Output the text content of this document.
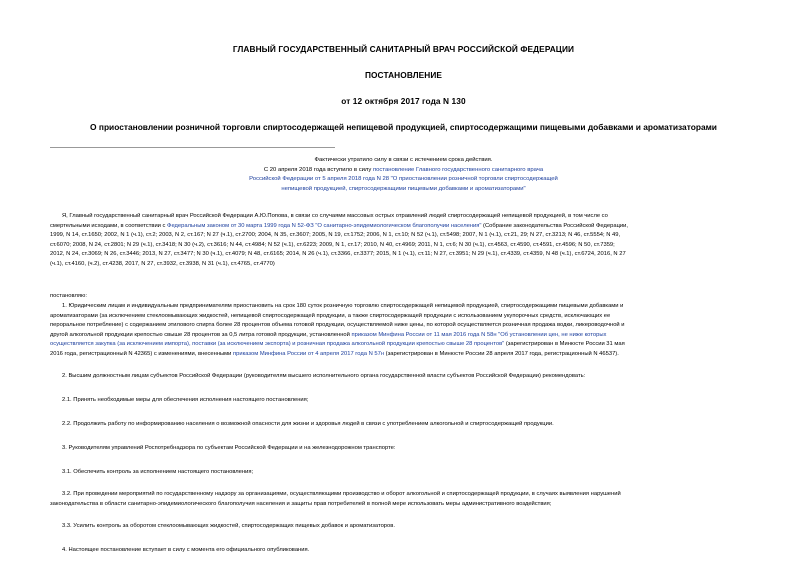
ГЛАВНЫЙ ГОСУДАРСТВЕННЫЙ САНИТАРНЫЙ ВРАЧ РОССИЙСКОЙ ФЕДЕРАЦИИ
ПОСТАНОВЛЕНИЕ
от 12 октября 2017 года N 130
О приостановлении розничной торговли спиртосодержащей непищевой продукцией, спиртосодержащими пищевыми добавками и ароматизаторами
Фактически утратило силу в связи с истечением срока действия.
С 20 апреля 2018 года вступило в силу постановление Главного государственного санитарного врача
Российской Федерации от 5 апреля 2018 года N 28 "О приостановлении розничной торговли спиртосодержащей
непищевой продукцией, спиртосодержащими пищевыми добавками и ароматизаторами"
Я, Главный государственный санитарный врач Российской Федерации А.Ю.Попова, в связи со случаями массовых острых отравлений людей спиртосодержащей непищевой продукцией, в том числе со
смертельными исходами, в соответствии с Федеральным законом от 30 марта 1999 года N 52-ФЗ "О санитарно-эпидемиологическом благополучии населения" (Собрание законодательства Российской Федерации,
1999, N 14, ст.1650; 2002, N 1 (ч.1), ст.2; 2003, N 2, ст.167; N 27 (ч.1), ст.2700; 2004, N 35, ст.3607; 2005, N 19, ст.1752; 2006, N 1, ст.10; N 52 (ч.1), ст.5498; 2007, N 1 (ч.1), ст.21, 29; N 27, ст.3213; N 46, ст.5554; N 49,
ст.6070; 2008, N 24, ст.2801; N 29 (ч.1), ст.3418; N 30 (ч.2), ст.3616; N 44, ст.4984; N 52 (ч.1), ст.6223; 2009, N 1, ст.17; 2010, N 40, ст.4969; 2011, N 1, ст.6; N 30 (ч.1), ст.4563, ст.4590, ст.4591, ст.4596; N 50, ст.7359;
2012, N 24, ст.3069; N 26, ст.3446; 2013, N 27, ст.3477; N 30 (ч.1), ст.4079; N 48, ст.6165; 2014, N 26 (ч.1), ст.3366, ст.3377; 2015, N 1 (ч.1), ст.11; N 27, ст.3951; N 29 (ч.1), ст.4339, ст.4359, N 48 (ч.1), ст.6724, 2016, N 27
(ч.1), ст.4160, (ч.2), ст.4238, 2017, N 27, ст.3932, ст.3938, N 31 (ч.1), ст.4765, ст.4770)
постановляю:
1. Юридическим лицам и индивидуальным предпринимателям приостановить на срок 180 суток розничную торговлю спиртосодержащей непищевой продукцией, спиртосодержащими пищевыми добавками и
ароматизаторами (за исключением стеклоомывающих жидкостей, непищевой спиртосодержащей продукции, а также спиртосодержащей продукции с использованием укупорочных средств, исключающих ее
пероральное потребление) с содержанием этилового спирта более 28 процентов объема готовой продукции, осуществляемой ниже цены, по которой осуществляется розничная продажа водки, ликероводочной и
другой алкогольной продукции крепостью свыше 28 процентов за 0,5 литра готовой продукции, установленной приказом Минфина России от 11 мая 2016 года N 58н "Об установлении цен, не ниже которых
осуществляется закупка (за исключением импорта), поставки (за исключением экспорта) и розничная продажа алкогольной продукции крепостью свыше 28 процентов" (зарегистрирован в Минюсте России 31 мая
2016 года, регистрационный N 42365) с изменениями, внесенными приказом Минфина России от 4 апреля 2017 года N 57н (зарегистрирован в Минюсте России 28 апреля 2017 года, регистрационный N 46537).
2. Высшим должностным лицам субъектов Российской Федерации (руководителям высшего исполнительного органа государственной власти субъектов Российской Федерации) рекомендовать:
2.1. Принять необходимые меры для обеспечения исполнения настоящего постановления;
2.2. Продолжить работу по информированию населения о возможной опасности для жизни и здоровья людей в связи с употреблением алкогольной и спиртосодержащей продукции.
3. Руководителям управлений Роспотребнадзора по субъектам Российской Федерации и на железнодорожном транспорте:
3.1. Обеспечить контроль за исполнением настоящего постановления;
3.2. При проведении мероприятий по государственному надзору за организациями, осуществляющими производство и оборот алкогольной и спиртосодержащей продукции, в случаях выявления нарушений
законодательства в области санитарно-эпидемиологического благополучия населения и защиты прав потребителей в полной мере использовать меры административного воздействия;
3.3. Усилить контроль за оборотом стеклоомывающих жидкостей, спиртосодержащих пищевых добавок и ароматизаторов.
4. Настоящее постановление вступает в силу с момента его официального опубликования.
